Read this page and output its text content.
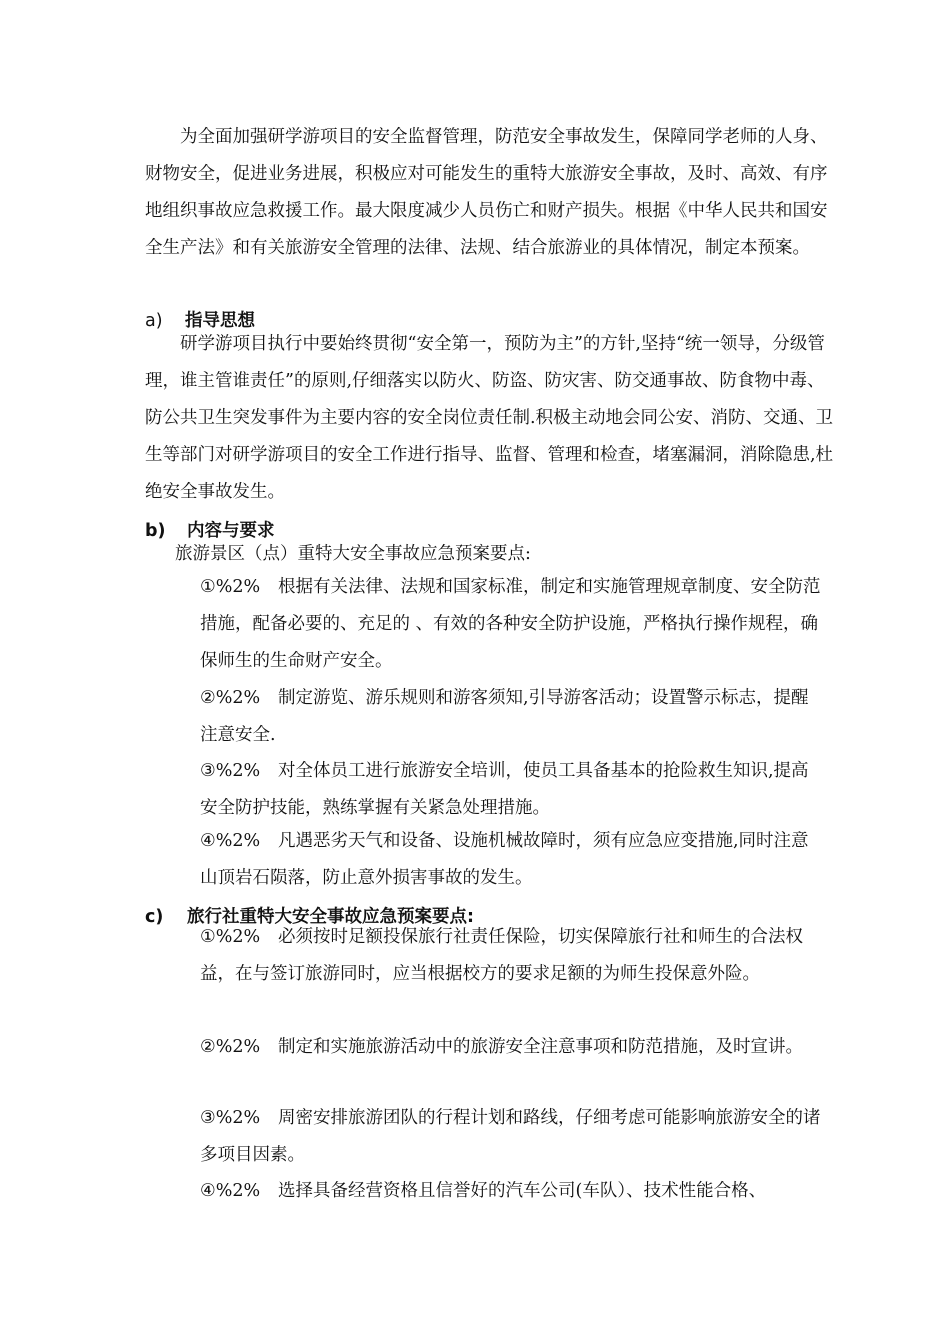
为全面加强研学游项目的安全监督管理，防范安全事故发生，保障同学老师的人身、财物安全，促进业务进展，积极应对可能发生的重特大旅游安全事故，及时、高效、有序地组织事故应急救援工作。最大限度减少人员伤亡和财产损失。根据《中华人民共和国安全生产法》和有关旅游安全管理的法律、法规、结合旅游业的具体情况，制定本预案。

a) 指导思想

研学游项目执行中要始终贯彻“安全第一，预防为主”的方针,坚持“统一领导，分级管理，谁主管谁责任”的原则,仔细落实以防火、防盗、防灾害、防交通事故、防食物中毒、防公共卫生突发事件为主要内容的安全岗位责任制.积极主动地会同公安、消防、交通、卫生等部门对研学游项目的安全工作进行指导、监督、管理和检查，堵塞漏洞，消除隐患,杜绝安全事故发生。

b) 内容与要求

旅游景区（点）重特大安全事故应急预案要点:

①%2% 根据有关法律、法规和国家标准，制定和实施管理规章制度、安全防范措施，配备必要的、充足的 、有效的各种安全防护设施，严格执行操作规程，确保师生的生命财产安全。

②%2% 制定游览、游乐规则和游客须知,引导游客活动；设置警示标志，提醒注意安全.

③%2% 对全体员工进行旅游安全培训，使员工具备基本的抢险救生知识,提高安全防护技能，熟练掌握有关紧急处理措施。

④%2% 凡遇恶劣天气和设备、设施机械故障时，须有应急应变措施,同时注意山顶岩石陨落，防止意外损害事故的发生。

c) 旅行社重特大安全事故应急预案要点:

①%2% 必须按时足额投保旅行社责任保险，切实保障旅行社和师生的合法权益，在与签订旅游同时，应当根据校方的要求足额的为师生投保意外险。

②%2% 制定和实施旅游活动中的旅游安全注意事项和防范措施，及时宣讲。

③%2% 周密安排旅游团队的行程计划和路线，仔细考虑可能影响旅游安全的诸多项目因素。

④%2% 选择具备经营资格且信誉好的汽车公司(车队）、技术性能合格、
